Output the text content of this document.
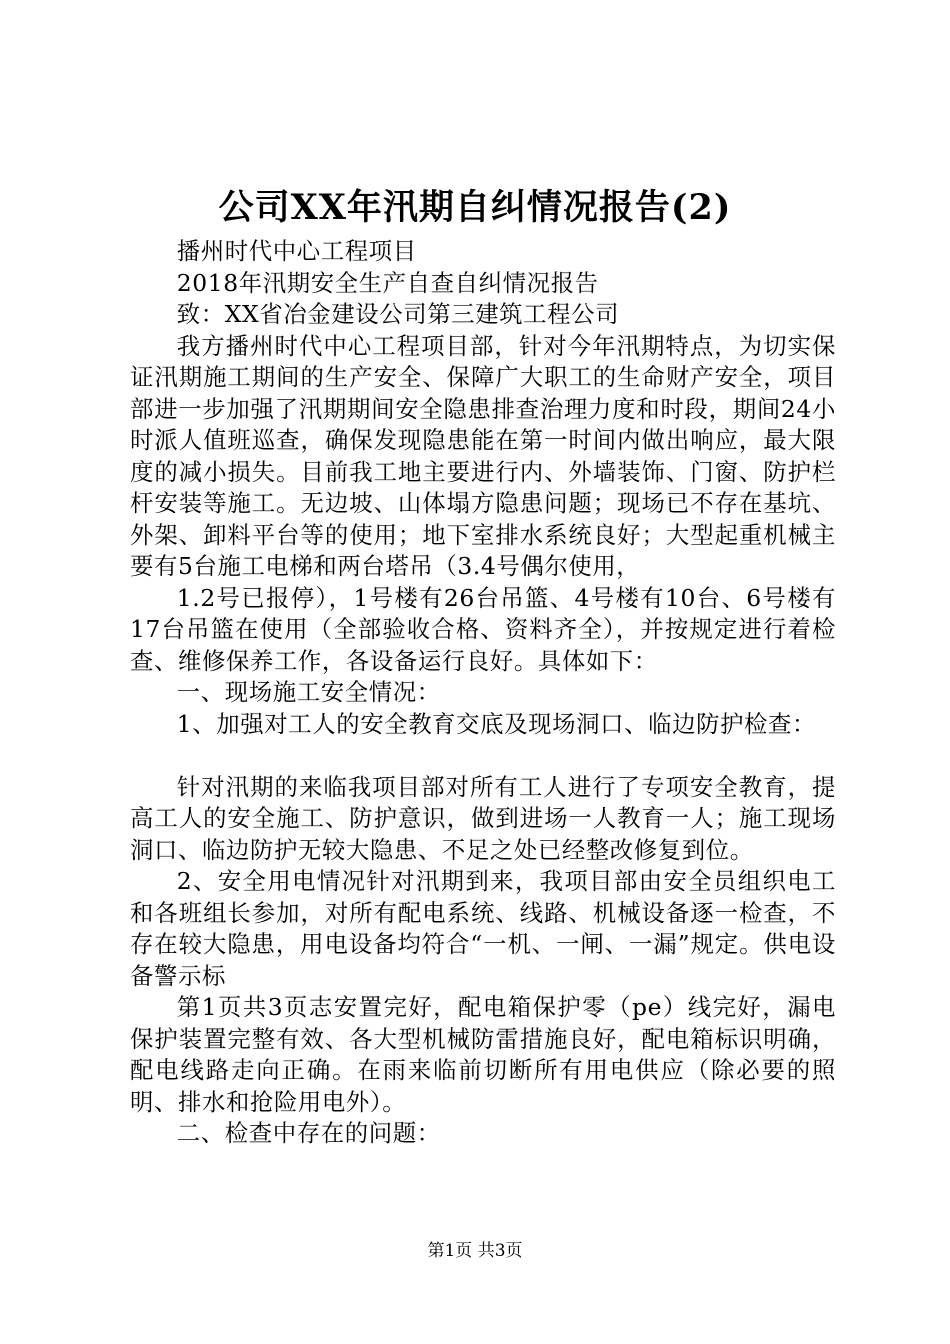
公司XX年汛期自纠情况报告(2)

播州时代中心工程项目

2018年汛期安全生产自查自纠情况报告

致：XX省冶金建设公司第三建筑工程公司

我方播州时代中心工程项目部，针对今年汛期特点，为切实保证汛期施工期间的生产安全、保障广大职工的生命财产安全，项目部进一步加强了汛期期间安全隐患排查治理力度和时段，期间24小时派人值班巡查，确保发现隐患能在第一时间内做出响应，最大限度的减小损失。目前我工地主要进行内、外墙装饰、门窗、防护栏杆安装等施工。无边坡、山体塌方隐患问题；现场已不存在基坑、外架、卸料平台等的使用；地下室排水系统良好；大型起重机械主要有5台施工电梯和两台塔吊（3.4号偶尔使用，

1.2号已报停），1号楼有26台吊篮、4号楼有10台、6号楼有17台吊篮在使用（全部验收合格、资料齐全），并按规定进行着检查、维修保养工作，各设备运行良好。具体如下：

一、现场施工安全情况：

1、加强对工人的安全教育交底及现场洞口、临边防护检查：

针对汛期的来临我项目部对所有工人进行了专项安全教育，提高工人的安全施工、防护意识，做到进场一人教育一人；施工现场洞口、临边防护无较大隐患、不足之处已经整改修复到位。

2、安全用电情况针对汛期到来，我项目部由安全员组织电工和各班组长参加，对所有配电系统、线路、机械设备逐一检查，不存在较大隐患，用电设备均符合“一机、一闸、一漏”规定。供电设备警示标

第1页共3页志安置完好，配电箱保护零（pe）线完好，漏电保护装置完整有效、各大型机械防雷措施良好，配电箱标识明确，配电线路走向正确。在雨来临前切断所有用电供应（除必要的照明、排水和抢险用电外）。

二、检查中存在的问题：

第1页 共3页
